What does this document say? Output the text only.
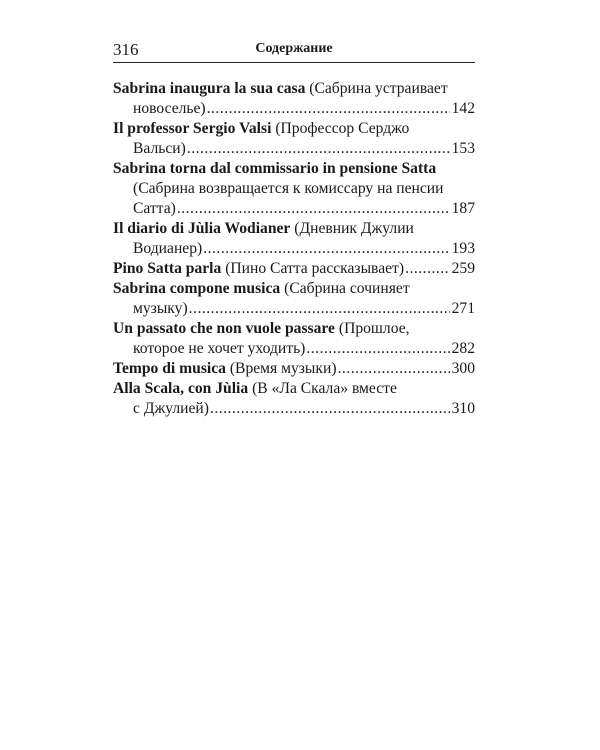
316	Содержание
Sabrina inaugura la sua casa
(Сабрина устраивает
новоселье) .....	142
Il professor Sergio Valsi
(Профессор Серджо
Вальси) .....	153
Sabrina torna dal commissario in pensione Satta
(Сабрина возвращается к комиссару на пенсии
Сатта) .....	187
Il diario di Jùlia Wodianer
(Дневник Джулии
Водианер) .....	193
Pino Satta parla
(Пино Сатта рассказывает) .....	259
Sabrina compone musica
(Сабрина сочиняет
музыку) .....	271
Un passato che non vuole passare
(Прошлое,
которое не хочет уходить) .....	282
Tempo di musica
(Время музыки) .....	300
Alla Scala, con Jùlia
(В «Ла Скала» вместе
с Джулией) .....	310
